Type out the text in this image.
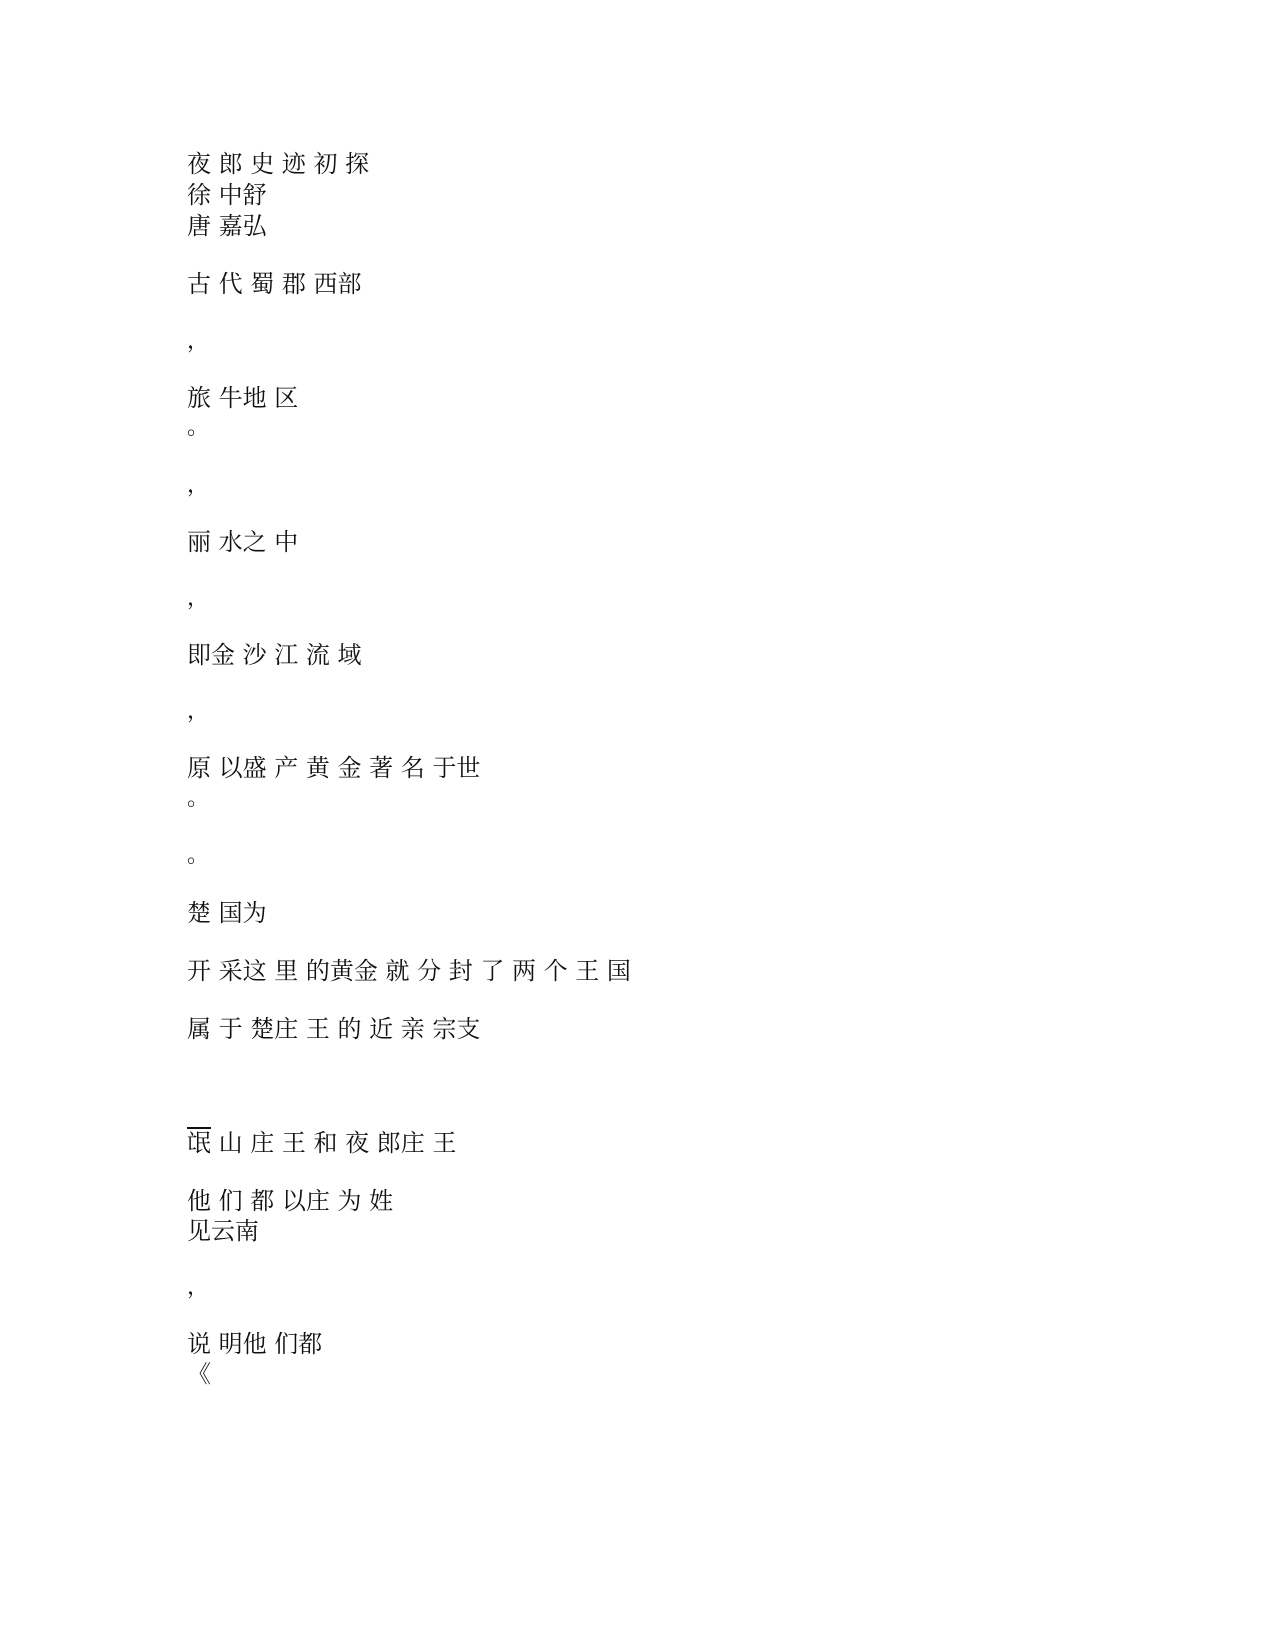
夜 郎 史 迹 初 探
徐 中舒
唐 嘉弘
古 代 蜀 郡 西部
，
旅 牛地 区
。
，
丽 水之 中
，
即金 沙 江 流 域
，
原 以盛 产 黄 金 著 名 于世
。
。
楚 国为
开 采这 里 的黄金 就 分 封 了 两 个 王 国
属 于 楚庄 王 的 近 亲 宗支
氓 山 庄 王 和 夜 郎庄 王
他 们 都 以庄 为 姓
见云南
，
说 明他 们都
《
